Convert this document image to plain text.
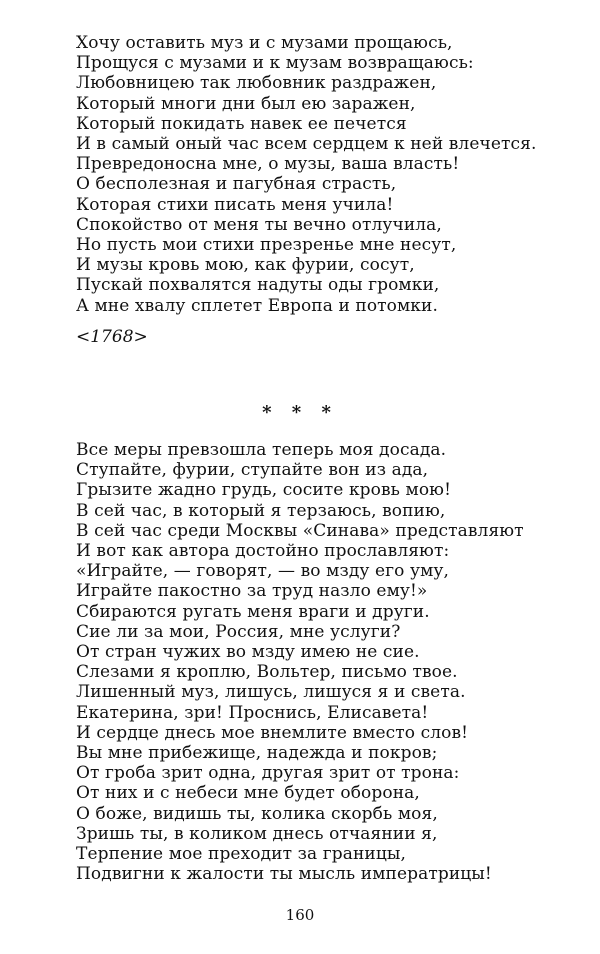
Хочу оставить муз и с музами прощаюсь,
Прощуся с музами и к музам возвращаюсь:
Любовницею так любовник раздражен,
Который многи дни был ею заражен,
Который покидать навек ее печется
И в самый оный час всем сердцем к ней влечется.
Превредоносна мне, о музы, ваша власть!
О бесполезная и пагубная страсть,
Которая стихи писать меня учила!
Спокойство от меня ты вечно отлучила,
Но пусть мои стихи презренье мне несут,
И музы кровь мою, как фурии, сосут,
Пускай похвалятся надуты оды громки,
А мне хвалу сплетет Европа и потомки.
<1768>
* * *
Все меры превзошла теперь моя досада.
Ступайте, фурии, ступайте вон из ада,
Грызите жадно грудь, сосите кровь мою!
В сей час, в который я терзаюсь, вопию,
В сей час среди Москвы «Синава» представляют
И вот как автора достойно прославляют:
«Играйте, — говорят, — во мзду его уму,
Играйте пакостно за труд назло ему!»
Сбираются ругать меня враги и други.
Сие ли за мои, Россия, мне услуги?
От стран чужих во мзду имею не сие.
Слезами я кроплю, Вольтер, письмо твое.
Лишенный муз, лишусь, лишуся я и света.
Екатерина, зри! Проснись, Елисавета!
И сердце днесь мое внемлите вместо слов!
Вы мне прибежище, надежда и покров;
От гроба зрит одна, другая зрит от трона:
От них и с небеси мне будет оборона,
О боже, видишь ты, колика скорбь моя,
Зришь ты, в коликом днесь отчаянии я,
Терпение мое преходит за границы,
Подвигни к жалости ты мысль императрицы!
160
